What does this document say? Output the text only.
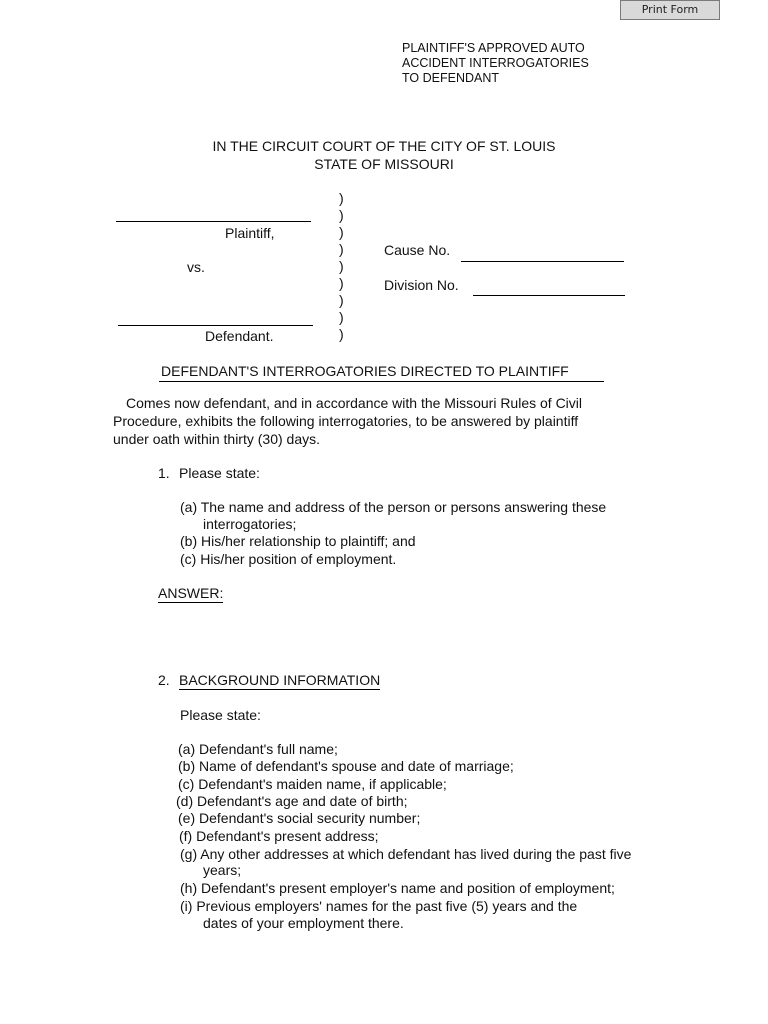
Print Form
PLAINTIFF'S APPROVED AUTO
ACCIDENT INTERROGATORIES
TO DEFENDANT
IN THE CIRCUIT COURT OF THE CITY OF ST. LOUIS
STATE OF MISSOURI
Plaintiff,
vs.
Defendant.
)
)
)
)
)
)
)
)
)
Cause No.
Division No.
DEFENDANT'S INTERROGATORIES DIRECTED TO PLAINTIFF
Comes now defendant, and in accordance with the Missouri Rules of Civil
Procedure, exhibits the following interrogatories, to be answered by plaintiff
under oath within thirty (30) days.
1. Please state:
(a) The name and address of the person or persons answering these
interrogatories;
(b) His/her relationship to plaintiff; and
(c) His/her position of employment.
ANSWER:
2. BACKGROUND INFORMATION
Please state:
(a) Defendant's full name;
(b) Name of defendant's spouse and date of marriage;
(c) Defendant's maiden name, if applicable;
(d) Defendant's age and date of birth;
(e) Defendant's social security number;
(f) Defendant's present address;
(g) Any other addresses at which defendant has lived during the past five
years;
(h) Defendant's present employer's name and position of employment;
(i) Previous employers' names for the past five (5) years and the
dates of your employment there.
